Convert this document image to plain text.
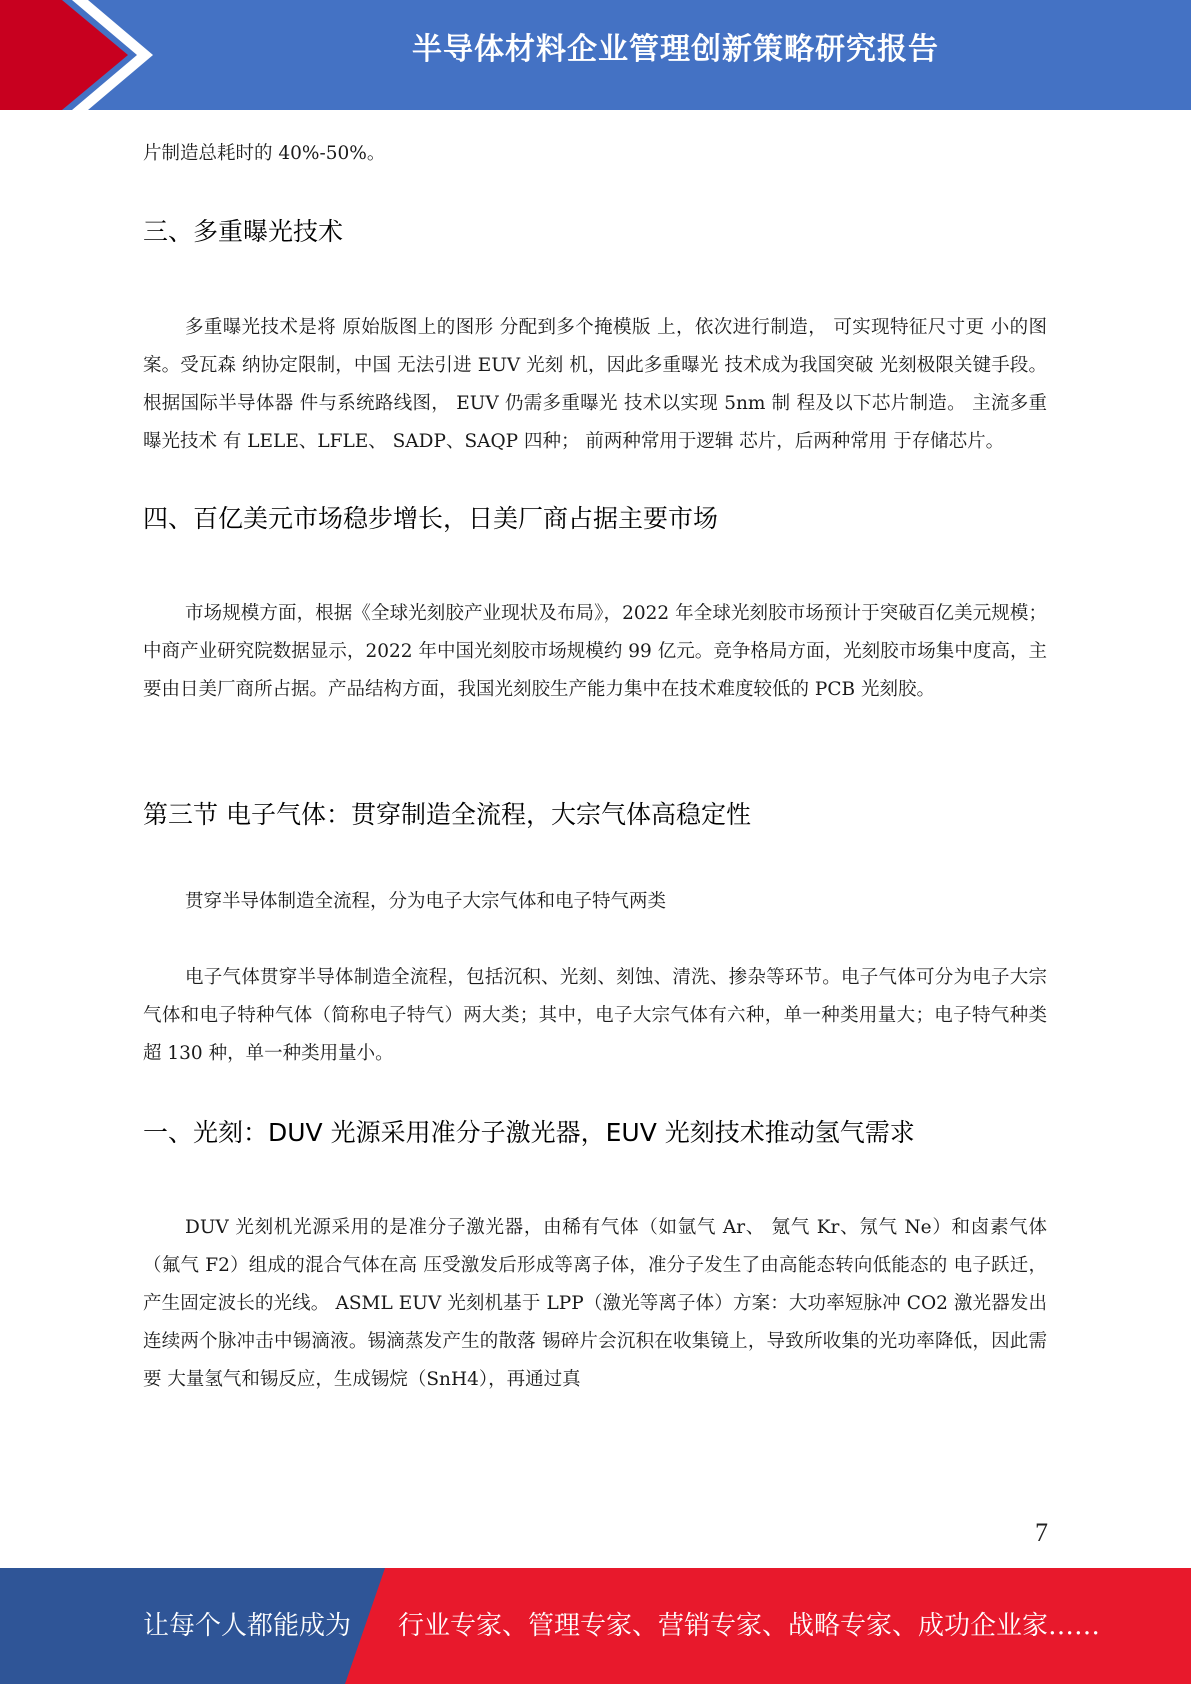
半导体材料企业管理创新策略研究报告

片制造总耗时的 40%-50%。

三、多重曝光技术

多重曝光技术是将 原始版图上的图形 分配到多个掩模版 上，依次进行制造， 可实现特征尺寸更 小的图案。受瓦森 纳协定限制，中国 无法引进 EUV 光刻 机，因此多重曝光 技术成为我国突破 光刻极限关键手段。 根据国际半导体器 件与系统路线图， EUV 仍需多重曝光 技术以实现 5nm 制 程及以下芯片制造。 主流多重曝光技术 有 LELE、LFLE、 SADP、SAQP 四种； 前两种常用于逻辑 芯片，后两种常用 于存储芯片。

四、百亿美元市场稳步增长，日美厂商占据主要市场

市场规模方面，根据《全球光刻胶产业现状及布局》，2022 年全球光刻胶市场预计于突破百亿美元规模；中商产业研究院数据显示，2022 年中国光刻胶市场规模约 99 亿元。竞争格局方面，光刻胶市场集中度高，主要由日美厂商所占据。产品结构方面，我国光刻胶生产能力集中在技术难度较低的 PCB 光刻胶。

第三节 电子气体：贯穿制造全流程，大宗气体高稳定性

贯穿半导体制造全流程，分为电子大宗气体和电子特气两类

电子气体贯穿半导体制造全流程，包括沉积、光刻、刻蚀、清洗、掺杂等环节。电子气体可分为电子大宗气体和电子特种气体（简称电子特气）两大类；其中，电子大宗气体有六种，单一种类用量大；电子特气种类超 130 种，单一种类用量小。

一、光刻：DUV 光源采用准分子激光器，EUV 光刻技术推动氢气需求

DUV 光刻机光源采用的是准分子激光器，由稀有气体（如氩气 Ar、 氪气 Kr、氖气 Ne）和卤素气体（氟气 F2）组成的混合气体在高 压受激发后形成等离子体，准分子发生了由高能态转向低能态的 电子跃迁，产生固定波长的光线。 ASML EUV 光刻机基于 LPP（激光等离子体）方案：大功率短脉冲 CO2 激光器发出连续两个脉冲击中锡滴液。锡滴蒸发产生的散落 锡碎片会沉积在收集镜上，导致所收集的光功率降低，因此需要 大量氢气和锡反应，生成锡烷（SnH4），再通过真

7
让每个人都能成为 行业专家、管理专家、营销专家、战略专家、成功企业家……
